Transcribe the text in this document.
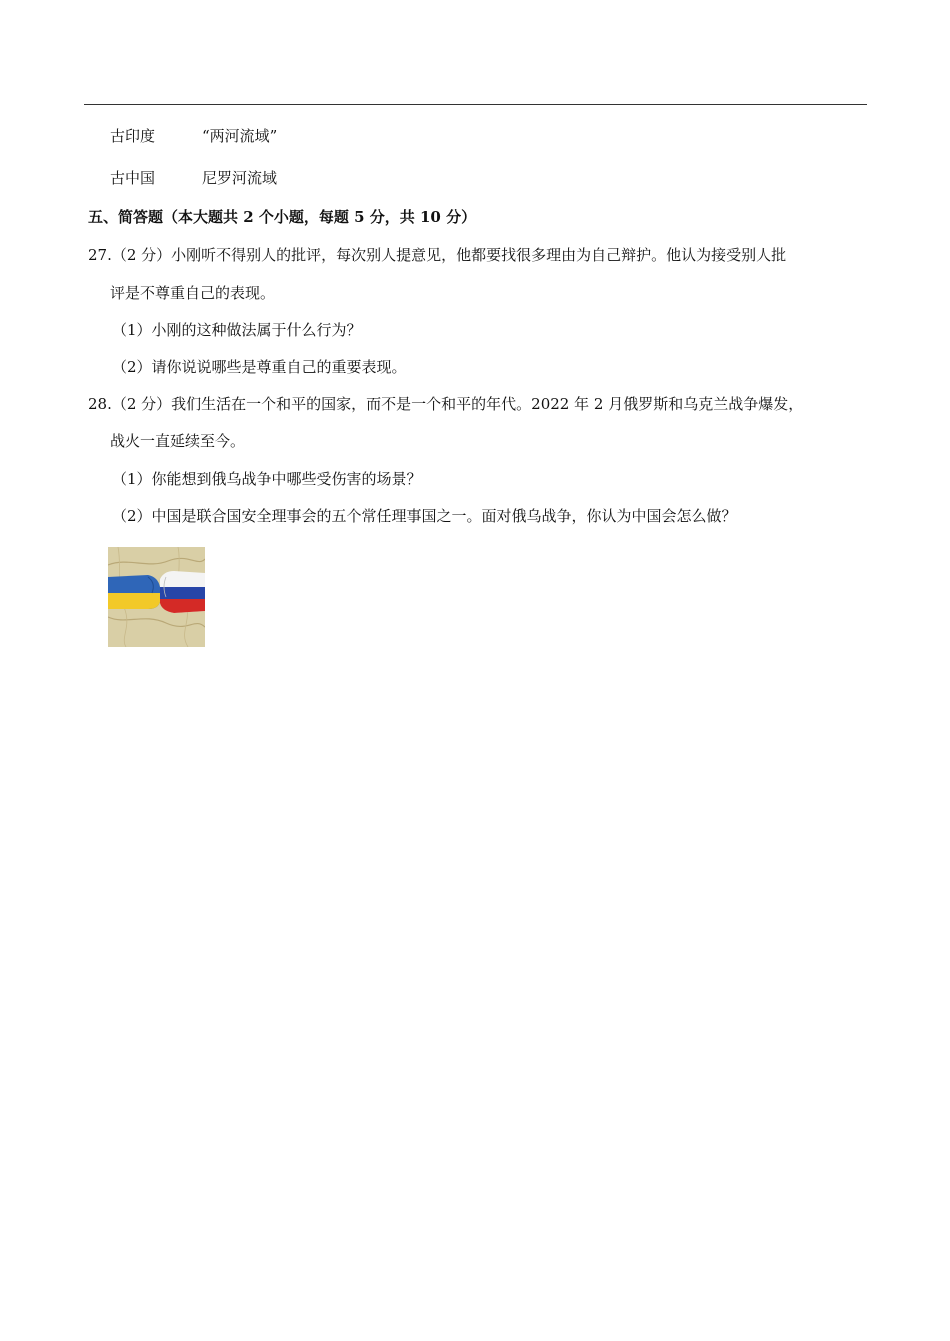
古印度	“两河流域”
古中国	尼罗河流域
五、简答题（本大题共 2 个小题，每题 5 分，共 10 分）
27.（2 分）小刚听不得别人的批评，每次别人提意见，他都要找很多理由为自己辩护。他认为接受别人批
评是不尊重自己的表现。
（1）小刚的这种做法属于什么行为？
（2）请你说说哪些是尊重自己的重要表现。
28.（2 分）我们生活在一个和平的国家，而不是一个和平的年代。2022 年 2 月俄罗斯和乌克兰战争爆发，
战火一直延续至今。
（1）你能想到俄乌战争中哪些受伤害的场景？
（2）中国是联合国安全理事会的五个常任理事国之一。面对俄乌战争，你认为中国会怎么做？
